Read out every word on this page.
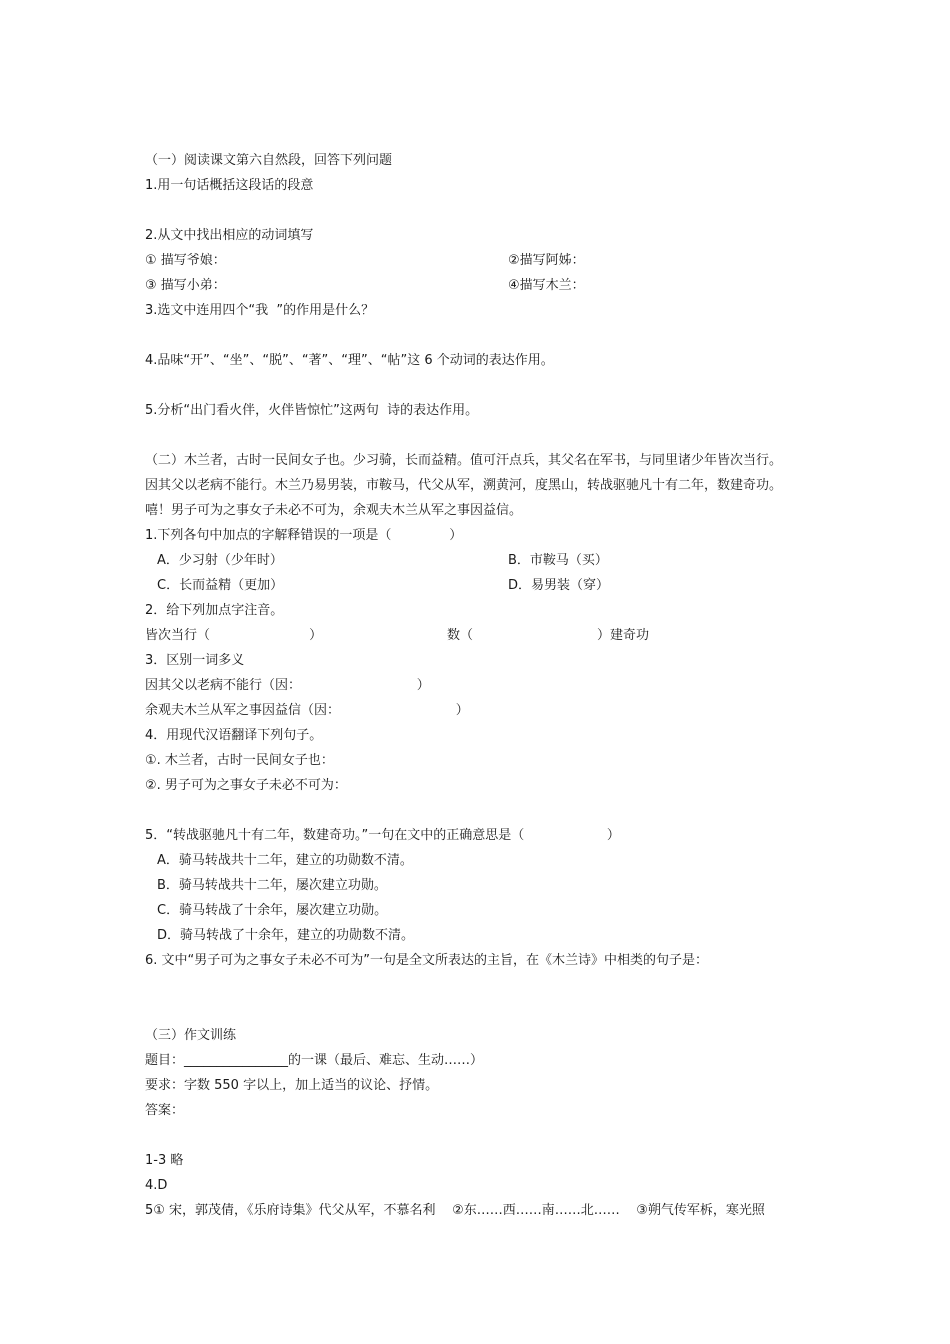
（一）阅读课文第六自然段，回答下列问题
1.用一句话概括这段话的段意
2.从文中找出相应的动词填写
① 描写爷娘：	②描写阿姊：
③ 描写小弟：	④描写木兰：
3.选文中连用四个“我  ”的作用是什么？
4.品味“开”、“坐”、“脱”、“著”、“理”、“帖”这 6 个动词的表达作用。
5.分析“出门看火伴，火伴皆惊忙”这两句  诗的表达作用。
（二）木兰者，古时一民间女子也。少习骑，长而益精。值可汗点兵，其父名在军书，与同里诸少年皆次当行。
因其父以老病不能行。木兰乃易男装，市鞍马，代父从军，溯黄河，度黑山，转战驱驰凡十有二年，数建奇功。
嘻！男子可为之事女子未必不可为，余观夫木兰从军之事因益信。
1.下列各句中加点的字解释错误的一项是（              ）
A．少习射（少年时）	B．市鞍马（买）
C．长而益精（更加）	D．易男装（穿）
2．给下列加点字注音。
皆次当行（                        ）	数（                              ）建奇功
3．区别一词多义
因其父以老病不能行（因：                            ）
余观夫木兰从军之事因益信（因：                            ）
4．用现代汉语翻译下列句子。
①. 木兰者，古时一民间女子也：
②. 男子可为之事女子未必不可为：
5．“转战驱驰凡十有二年，数建奇功。”一句在文中的正确意思是（                    ）
A．骑马转战共十二年，建立的功勋数不清。
B．骑马转战共十二年，屡次建立功勋。
C．骑马转战了十余年，屡次建立功勋。
D．骑马转战了十余年，建立的功勋数不清。
6. 文中“男子可为之事女子未必不可为”一句是全文所表达的主旨，在《木兰诗》中相类的句子是：
（三）作文训练
题目：________________的一课（最后、难忘、生动……）
要求：字数 550 字以上，加上适当的议论、抒情。
答案：
1-3 略
4.D
5① 宋，郭茂倩，《乐府诗集》代父从军，不慕名利    ②东……西……南……北……    ③朔气传军柝，寒光照
